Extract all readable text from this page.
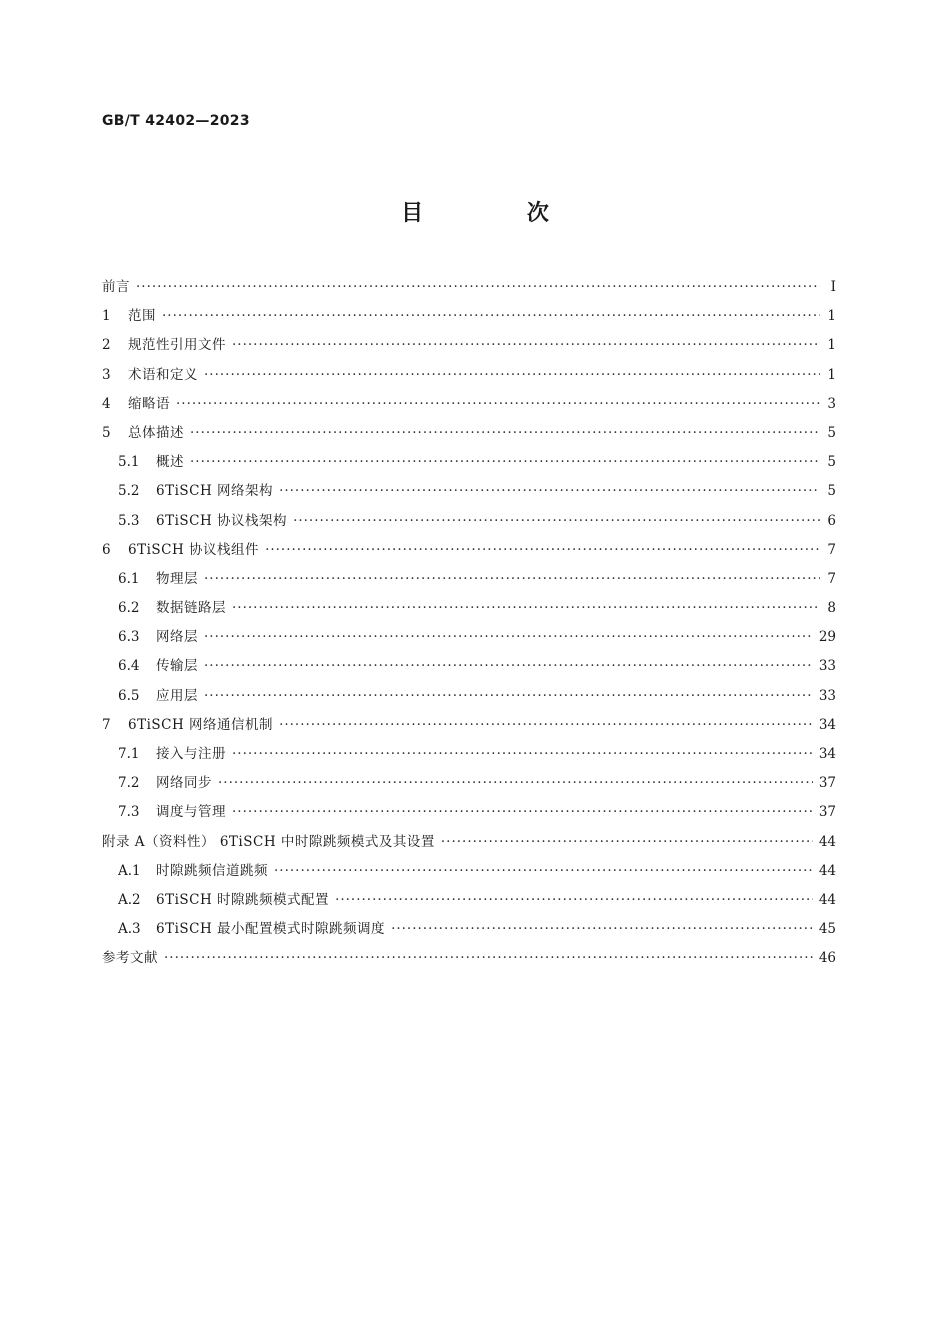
GB/T 42402—2023
目 次
前言 ·····	Ⅰ
1	范围 ·····	1
2	规范性引用文件 ·····	1
3	术语和定义 ·····	1
4	缩略语 ·····	3
5	总体描述 ·····	5
5.1	概述 ·····	5
5.2	6TiSCH 网络架构 ·····	5
5.3	6TiSCH 协议栈架构 ·····	6
6	6TiSCH 协议栈组件 ·····	7
6.1	物理层 ·····	7
6.2	数据链路层 ·····	8
6.3	网络层 ·····	29
6.4	传输层 ·····	33
6.5	应用层 ·····	33
7	6TiSCH 网络通信机制 ·····	34
7.1	接入与注册 ·····	34
7.2	网络同步 ·····	37
7.3	调度与管理 ·····	37
附录 A（资料性） 6TiSCH 中时隙跳频模式及其设置 ·····	44
A.1	时隙跳频信道跳频 ·····	44
A.2	6TiSCH 时隙跳频模式配置 ·····	44
A.3	6TiSCH 最小配置模式时隙跳频调度 ·····	45
参考文献 ·····	46
